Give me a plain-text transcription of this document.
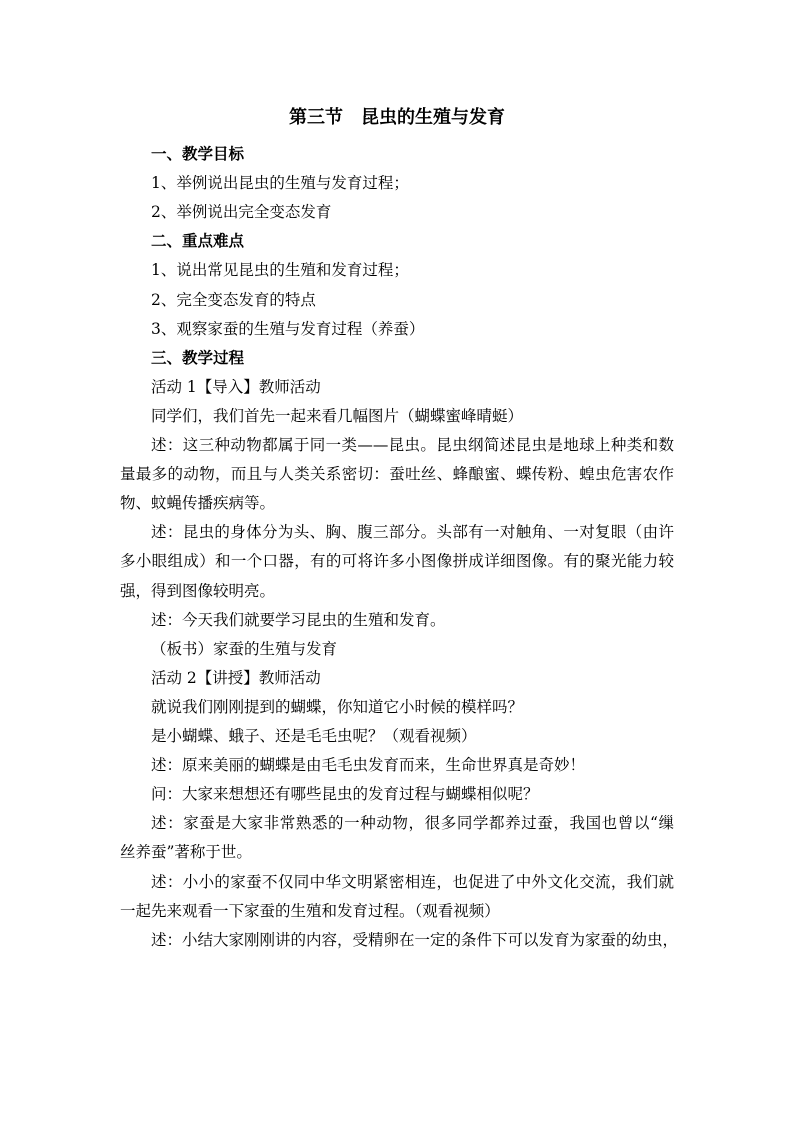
第三节　昆虫的生殖与发育
一、教学目标
1、举例说出昆虫的生殖与发育过程；
2、举例说出完全变态发育
二、重点难点
1、说出常见昆虫的生殖和发育过程；
2、完全变态发育的特点
3、观察家蚕的生殖与发育过程（养蚕）
三、教学过程
活动 1【导入】教师活动
同学们，我们首先一起来看几幅图片（蝴蝶蜜峰晴蜓）
述：这三种动物都属于同一类——昆虫。昆虫纲简述昆虫是地球上种类和数
量最多的动物，而且与人类关系密切：蚕吐丝、蜂酿蜜、蝶传粉、蝗虫危害农作
物、蚊蝇传播疾病等。
述：昆虫的身体分为头、胸、腹三部分。头部有一对触角、一对复眼（由许
多小眼组成）和一个口器，有的可将许多小图像拼成详细图像。有的聚光能力较
强，得到图像较明亮。
述：今天我们就要学习昆虫的生殖和发育。
（板书）家蚕的生殖与发育
活动 2【讲授】教师活动
就说我们刚刚提到的蝴蝶，你知道它小时候的模样吗？
是小蝴蝶、蛾子、还是毛毛虫呢？（观看视频）
述：原来美丽的蝴蝶是由毛毛虫发育而来，生命世界真是奇妙！
问：大家来想想还有哪些昆虫的发育过程与蝴蝶相似呢？
述：家蚕是大家非常熟悉的一种动物，很多同学都养过蚕，我国也曾以“缫
丝养蚕”著称于世。
述：小小的家蚕不仅同中华文明紧密相连，也促进了中外文化交流，我们就
一起先来观看一下家蚕的生殖和发育过程。（观看视频）
述：小结大家刚刚讲的内容，受精卵在一定的条件下可以发育为家蚕的幼虫，
